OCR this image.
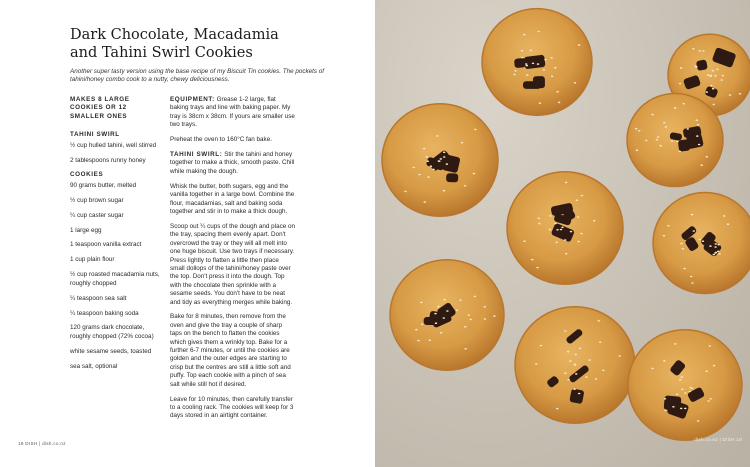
Dark Chocolate, Macadamia
and Tahini Swirl Cookies

Another super tasty version using the base recipe of my Biscuit Tin cookies. The pockets of tahini/honey combo cook to a nutty, chewy deliciousness.

MAKES 8 LARGE COOKIES OR 12 SMALLER ONES

TAHINI SWIRL

½ cup hulled tahini, well stirred

2 tablespoons runny honey

COOKIES

90 grams butter, melted

½ cup brown sugar

¼ cup caster sugar

1 large egg

1 teaspoon vanilla extract

1 cup plain flour

½ cup roasted macadamia nuts, roughly chopped

¼ teaspoon sea salt

¼ teaspoon baking soda

120 grams dark chocolate, roughly chopped (72% cocoa)

white sesame seeds, toasted

sea salt, optional

EQUIPMENT: Grease 1-2 large, flat baking trays and line with baking paper. My tray is 38cm x 38cm. If yours are smaller use two trays.

Preheat the oven to 160°C fan bake.

TAHINI SWIRL: Stir the tahini and honey together to make a thick, smooth paste. Chill while making the dough.

Whisk the butter, both sugars, egg and the vanilla together in a large bowl. Combine the flour, macadamias, salt and baking soda together and stir in to make a thick dough.

Scoop out ¼ cups of the dough and place on the tray, spacing them evenly apart. Don't overcrowd the tray or they will all melt into one huge biscuit. Use two trays if necessary. Press lightly to flatten a little then place small dollops of the tahini/honey paste over the top. Don't press it into the dough. Top with the chocolate then sprinkle with a sesame seeds. You don't have to be neat and tidy as everything merges while baking.

Bake for 8 minutes, then remove from the oven and give the tray a couple of sharp taps on the bench to flatten the cookies which gives them a wrinkly top. Bake for a further 6-7 minutes, or until the cookies are golden and the outer edges are starting to crisp but the centres are still a little soft and puffy. Top each cookie with a pinch of sea salt while still hot if desired.

Leave for 10 minutes, then carefully transfer to a cooling rack. The cookies will keep for 3 days stored in an airtight container.

18 DISH | dish.co.nz
dish.co.nz | DISH 19
